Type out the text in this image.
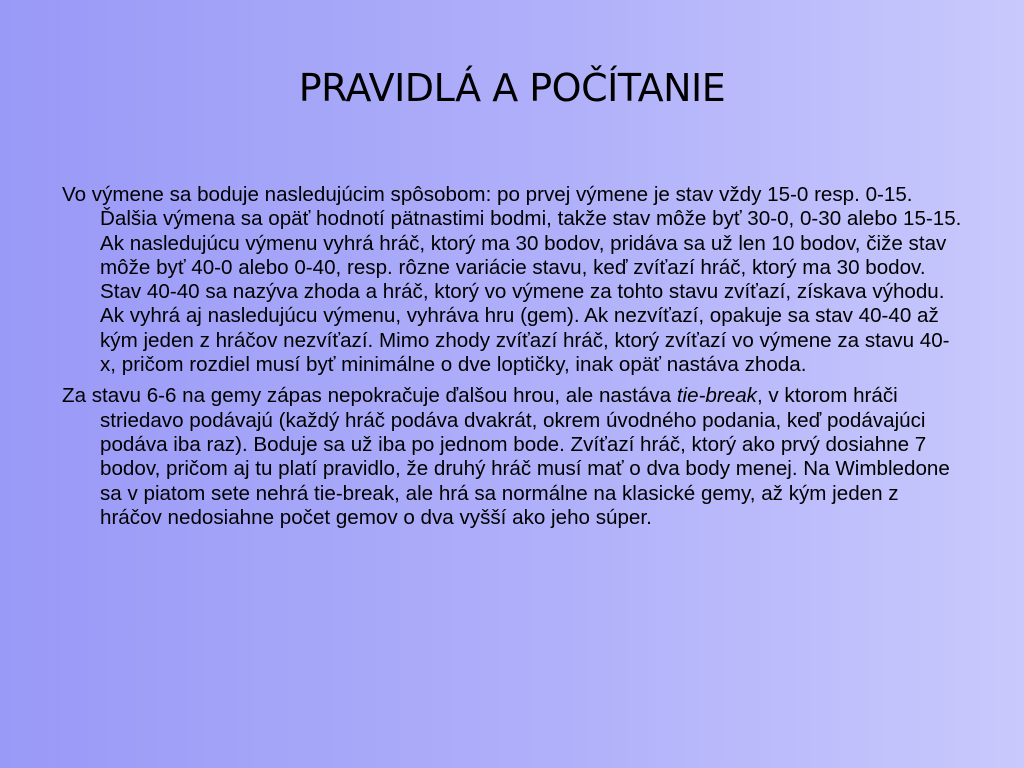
PRAVIDLÁ A POČÍTANIE

Vo výmene sa boduje nasledujúcim spôsobom: po prvej výmene je stav vždy 15-0 resp. 0-15. Ďalšia výmena sa opäť hodnotí pätnastimi bodmi, takže stav môže byť 30-0, 0-30 alebo 15-15. Ak nasledujúcu výmenu vyhrá hráč, ktorý ma 30 bodov, pridáva sa už len 10 bodov, čiže stav môže byť 40-0 alebo 0-40, resp. rôzne variácie stavu, keď zvíťazí hráč, ktorý ma 30 bodov. Stav 40-40 sa nazýva zhoda a hráč, ktorý vo výmene za tohto stavu zvíťazí, získava výhodu. Ak vyhrá aj nasledujúcu výmenu, vyhráva hru (gem). Ak nezvíťazí, opakuje sa stav 40-40 až kým jeden z hráčov nezvíťazí. Mimo zhody zvíťazí hráč, ktorý zvíťazí vo výmene za stavu 40-x, pričom rozdiel musí byť minimálne o dve loptičky, inak opäť nastáva zhoda.

Za stavu 6-6 na gemy zápas nepokračuje ďalšou hrou, ale nastáva tie-break, v ktorom hráči striedavo podávajú (každý hráč podáva dvakrát, okrem úvodného podania, keď podávajúci podáva iba raz). Boduje sa už iba po jednom bode. Zvíťazí hráč, ktorý ako prvý dosiahne 7 bodov, pričom aj tu platí pravidlo, že druhý hráč musí mať o dva body menej. Na Wimbledone sa v piatom sete nehrá tie-break, ale hrá sa normálne na klasické gemy, až kým jeden z hráčov nedosiahne počet gemov o dva vyšší ako jeho súper.
